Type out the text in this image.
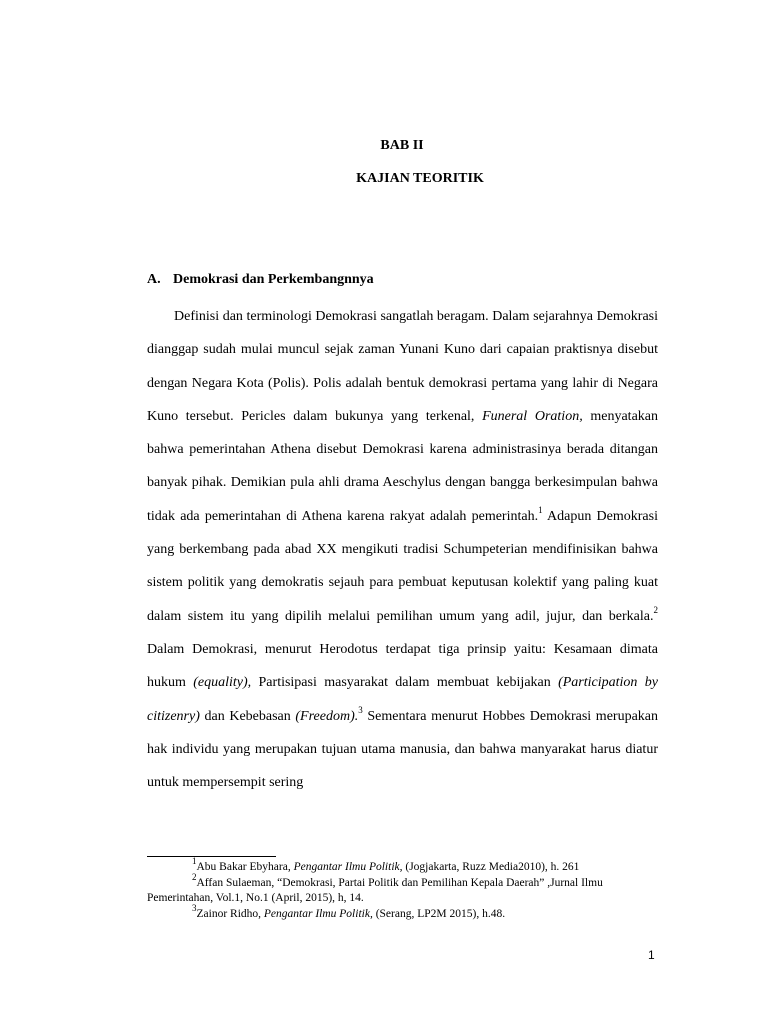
BAB II
KAJIAN TEORITIK
A. Demokrasi dan Perkembangnnya

Definisi dan terminologi Demokrasi sangatlah beragam. Dalam sejarahnya Demokrasi dianggap sudah mulai muncul sejak zaman Yunani Kuno dari capaian praktisnya disebut dengan Negara Kota (Polis). Polis adalah bentuk demokrasi pertama yang lahir di Negara Kuno tersebut. Pericles dalam bukunya yang terkenal, Funeral Oration, menyatakan bahwa pemerintahan Athena disebut Demokrasi karena administrasinya berada ditangan banyak pihak. Demikian pula ahli drama Aeschylus dengan bangga berkesimpulan bahwa tidak ada pemerintahan di Athena karena rakyat adalah pemerintah.$^1$ Adapun Demokrasi yang berkembang pada abad XX mengikuti tradisi Schumpeterian mendifinisikan bahwa sistem politik yang demokratis sejauh para pembuat keputusan kolektif yang paling kuat dalam sistem itu yang dipilih melalui pemilihan umum yang adil, jujur, dan berkala.$^2$ Dalam Demokrasi, menurut Herodotus terdapat tiga prinsip yaitu: Kesamaan dimata hukum (equality), Partisipasi masyarakat dalam membuat kebijakan (Participation by citizenry) dan Kebebasan (Freedom).$^3$ Sementara menurut Hobbes Demokrasi merupakan hak individu yang merupakan tujuan utama manusia, dan bahwa manyarakat harus diatur untuk mempersempit sering

$^1$Abu Bakar Ebyhara, Pengantar Ilmu Politik, (Jogjakarta, Ruzz Media2010), h. 261

$^2$Affan Sulaeman, “Demokrasi, Partai Politik dan Pemilihan Kepala Daerah” ,Jurnal Ilmu Pemerintahan, Vol.1, No.1 (April, 2015), h, 14.

$^3$Zainor Ridho, Pengantar Ilmu Politik, (Serang, LP2M 2015), h.48.

1
